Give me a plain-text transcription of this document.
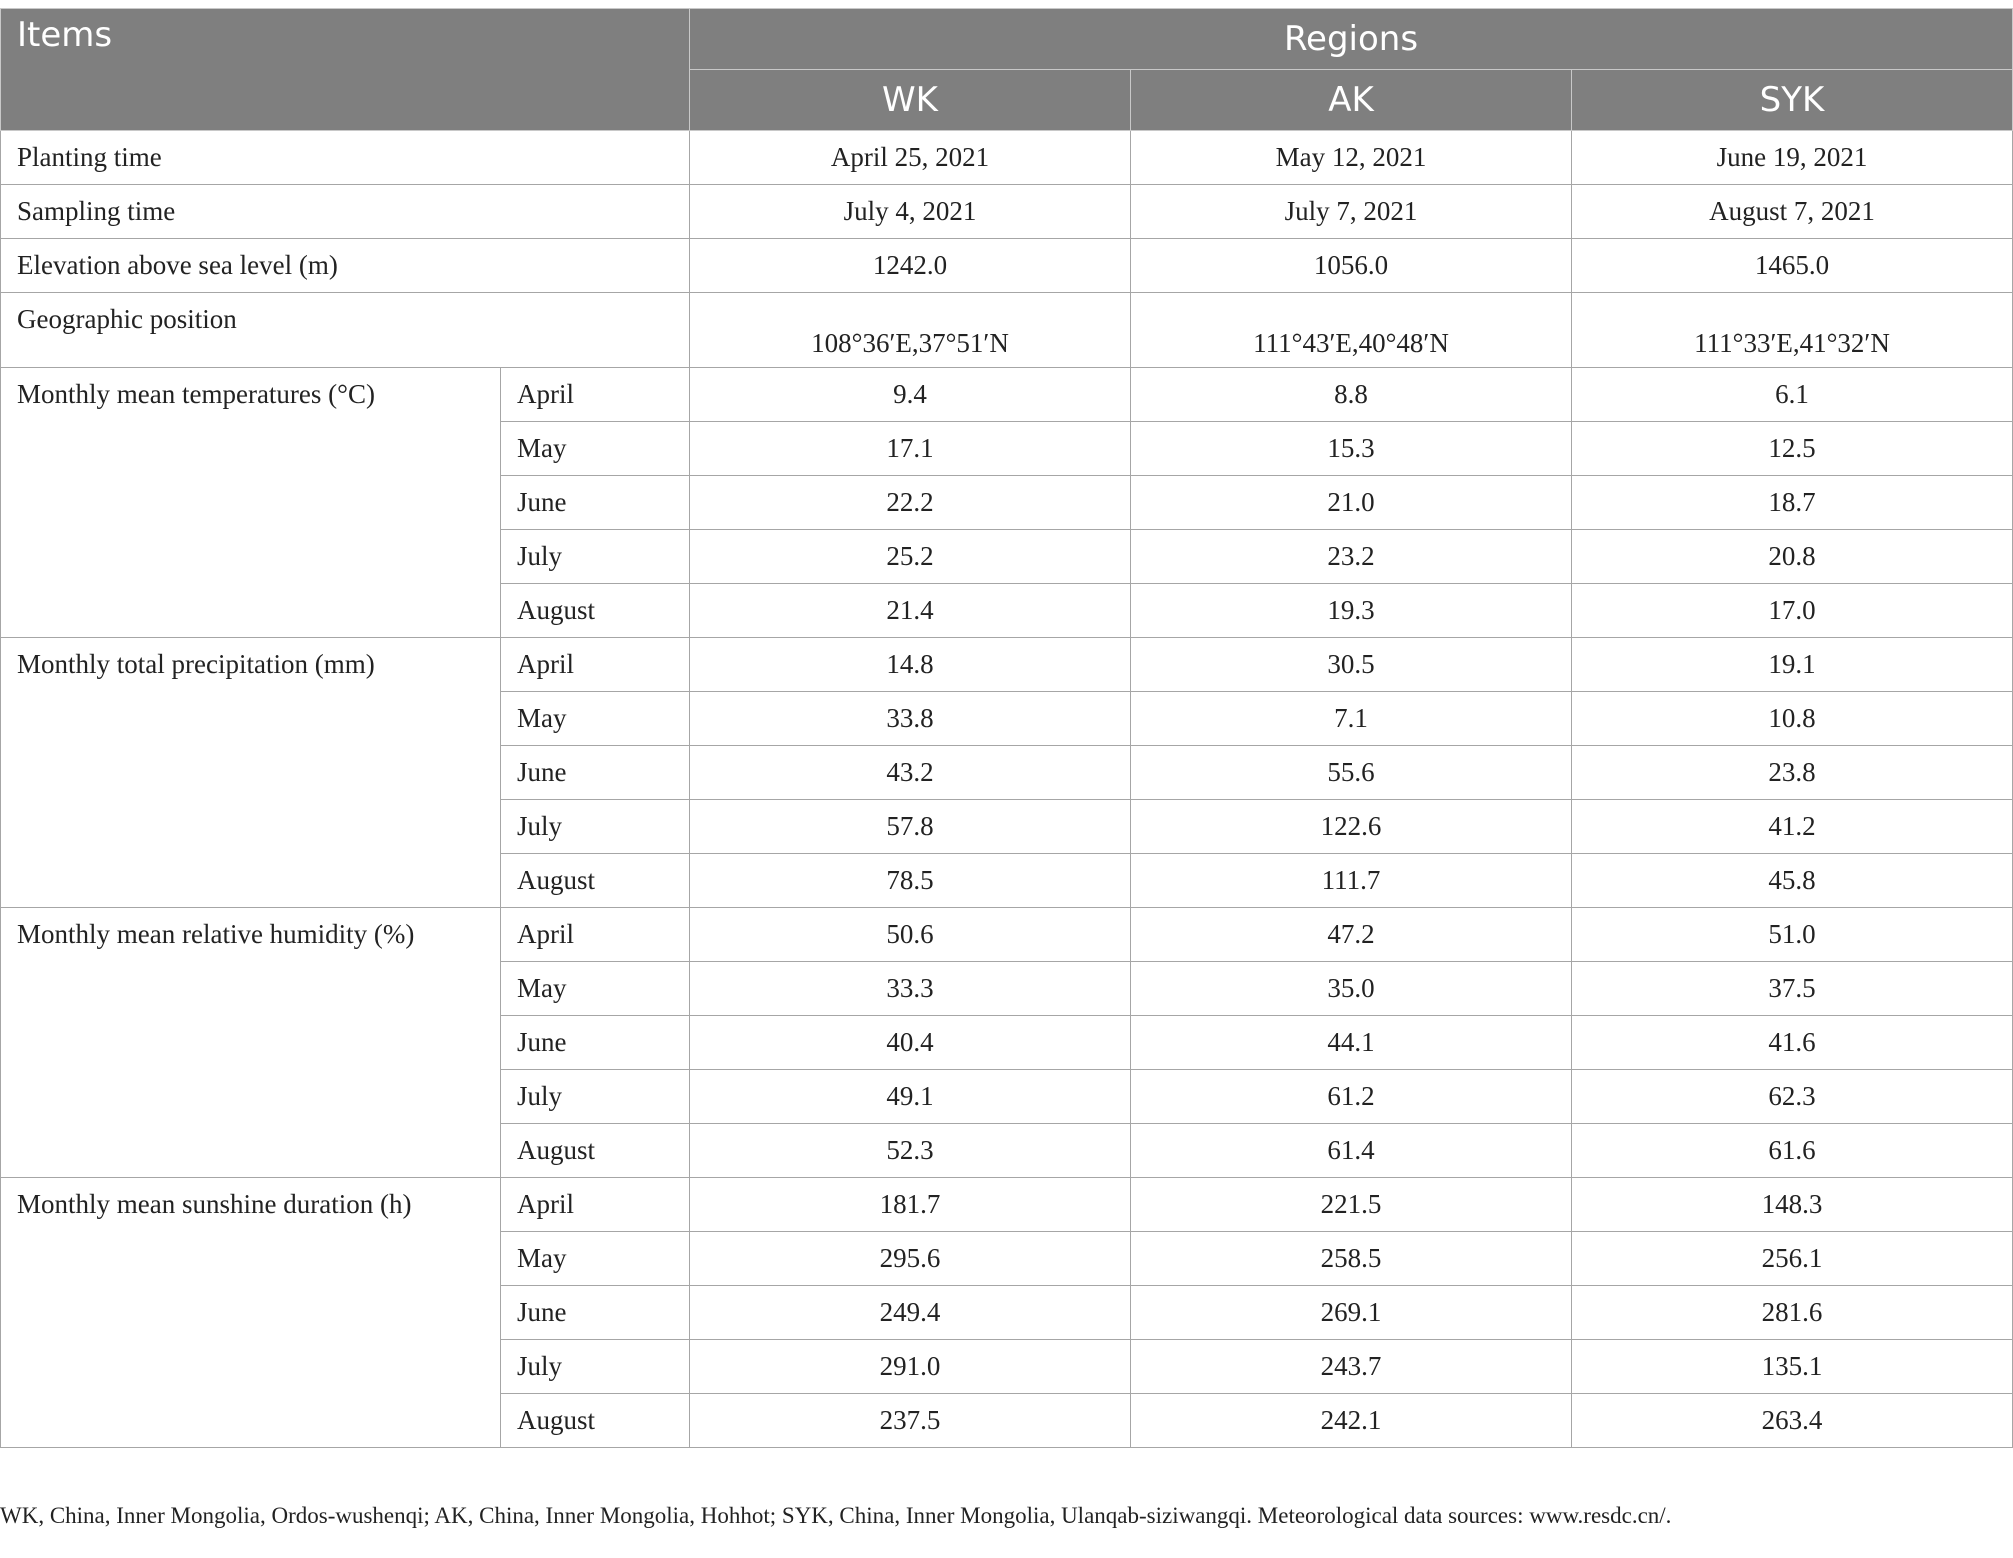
Items		Regions		
		WK	AK	SYK
Planting time		April 25, 2021	May 12, 2021	June 19, 2021
Sampling time		July 4, 2021	July 7, 2021	August 7, 2021
Elevation above sea level (m)		1242.0	1056.0	1465.0
Geographic position		108°36′E,37°51′N	111°43′E,40°48′N	111°33′E,41°32′N
Monthly mean temperatures (°C)	April	9.4	8.8	6.1
	May	17.1	15.3	12.5
	June	22.2	21.0	18.7
	July	25.2	23.2	20.8
	August	21.4	19.3	17.0
Monthly total precipitation (mm)	April	14.8	30.5	19.1
	May	33.8	7.1	10.8
	June	43.2	55.6	23.8
	July	57.8	122.6	41.2
	August	78.5	111.7	45.8
Monthly mean relative humidity (%)	April	50.6	47.2	51.0
	May	33.3	35.0	37.5
	June	40.4	44.1	41.6
	July	49.1	61.2	62.3
	August	52.3	61.4	61.6
Monthly mean sunshine duration (h)	April	181.7	221.5	148.3
	May	295.6	258.5	256.1
	June	249.4	269.1	281.6
	July	291.0	243.7	135.1
	August	237.5	242.1	263.4
WK, China, Inner Mongolia, Ordos-wushenqi; AK, China, Inner Mongolia, Hohhot; SYK, China, Inner Mongolia, Ulanqab-siziwangqi. Meteorological data sources: www.resdc.cn/.
